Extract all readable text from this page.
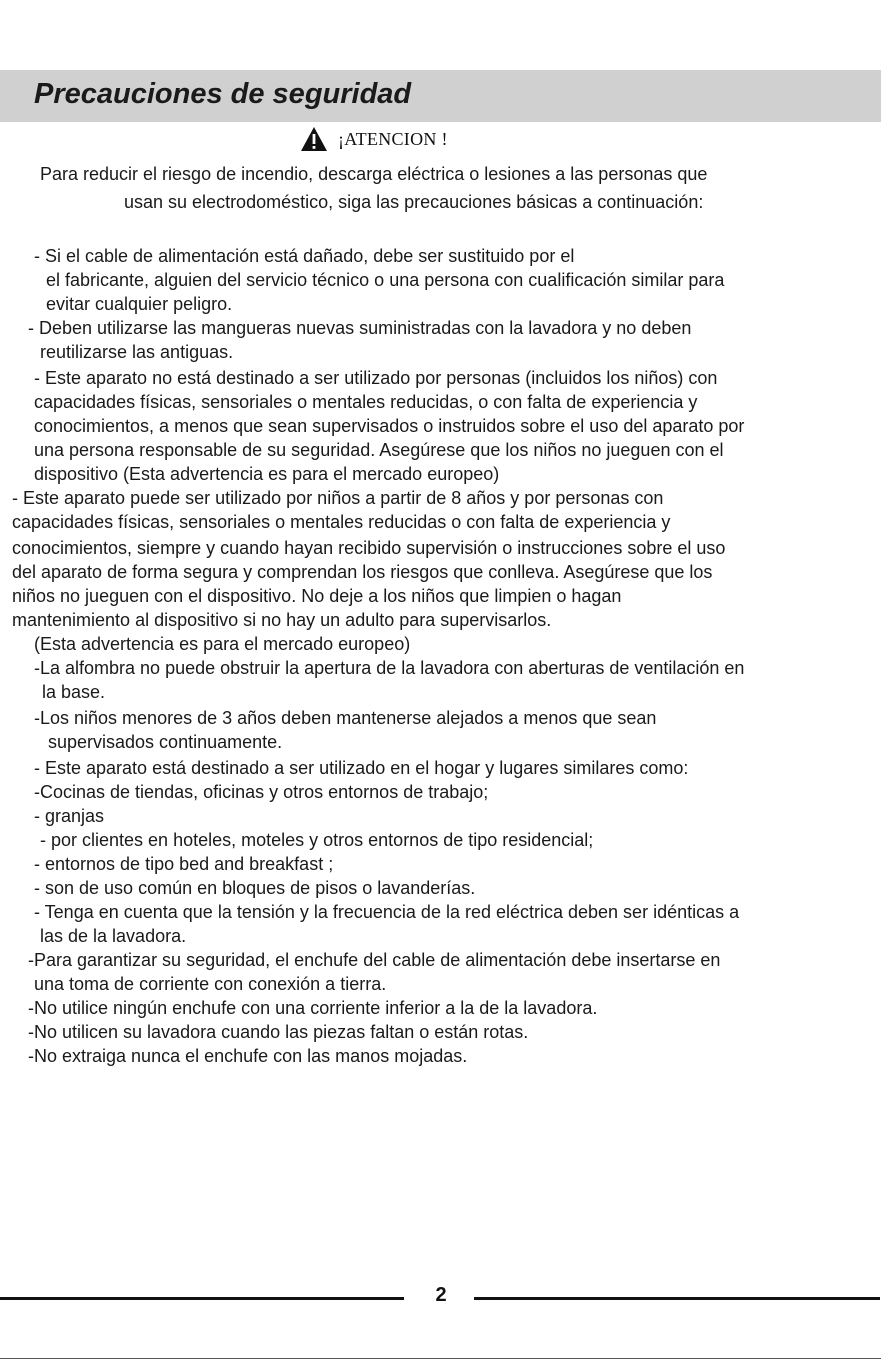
Precauciones de seguridad
¡ATENCION !
Para reducir el riesgo de incendio, descarga eléctrica o lesiones a las personas que
usan su electrodoméstico, siga las precauciones básicas a continuación:
- Si el cable de alimentación está dañado, debe ser sustituido por el
el fabricante, alguien del servicio técnico o una persona con cualificación similar para
evitar cualquier peligro.
- Deben utilizarse las mangueras nuevas suministradas con la lavadora y no deben
reutilizarse las antiguas.
- Este aparato no está destinado a ser utilizado por personas (incluidos los niños) con
capacidades físicas, sensoriales o mentales reducidas, o con falta de experiencia y
conocimientos, a menos que sean supervisados o instruidos sobre el uso del aparato por
una persona responsable de su seguridad. Asegúrese que los niños no jueguen con el
dispositivo (Esta advertencia es para el mercado europeo)
- Este aparato puede ser utilizado por niños a partir de 8 años y por personas con
capacidades físicas, sensoriales o mentales reducidas o con falta de experiencia y
conocimientos, siempre y cuando hayan recibido supervisión o instrucciones sobre el uso
del aparato de forma segura y comprendan los riesgos que conlleva. Asegúrese que los
niños no jueguen con el dispositivo. No deje a los niños que limpien o hagan
mantenimiento al dispositivo si no hay un adulto para supervisarlos.
(Esta advertencia es para el mercado europeo)
-La alfombra no puede obstruir la apertura de la lavadora con aberturas de ventilación en
la base.
-Los niños menores de 3 años deben mantenerse alejados a menos que sean
supervisados continuamente.
- Este aparato está destinado a ser utilizado en el hogar y lugares similares como:
-Cocinas de tiendas, oficinas y otros entornos de trabajo;
- granjas
- por clientes en hoteles, moteles y otros entornos de tipo residencial;
- entornos de tipo bed and breakfast ;
- son de uso común en bloques de pisos o lavanderías.
- Tenga en cuenta que la tensión y la frecuencia de la red eléctrica deben ser idénticas a
las de la lavadora.
-Para garantizar su seguridad, el enchufe del cable de alimentación debe insertarse en
una toma de corriente con conexión a tierra.
-No utilice ningún enchufe con una corriente inferior a la de la lavadora.
-No utilicen su lavadora cuando las piezas faltan o están rotas.
-No extraiga nunca el enchufe con las manos mojadas.
2
